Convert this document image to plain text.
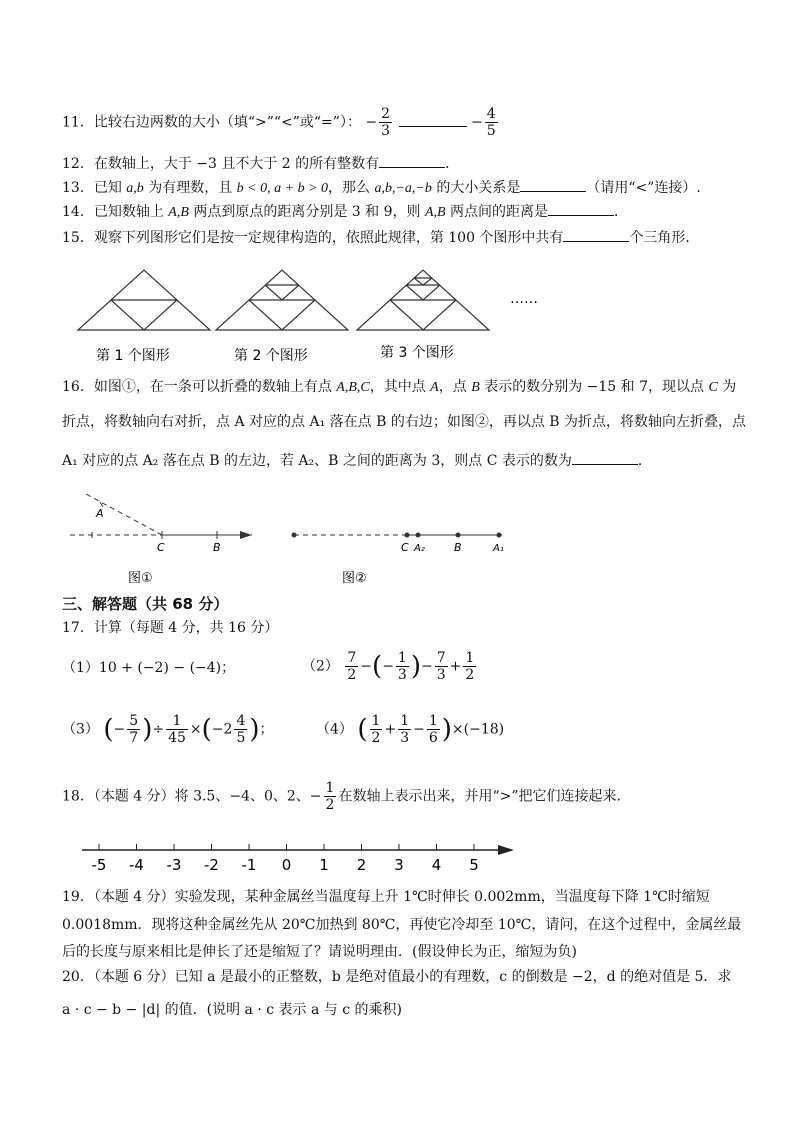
11．比较右边两数的大小（填“>”“<”或“=”）： − $\frac{2}{3}$	− $\frac{4}{5}$
12．在数轴上，大于 −3 且不大于 2 的所有整数有	．
13．已知 a,b 为有理数，且 b < 0, a + b > 0，那么 a,b,−a,−b 的大小关系是	（请用“<”连接）.
14．已知数轴上 A,B 两点到原点的距离分别是 3 和 9，则 A,B 两点间的距离是	．
15．观察下列图形它们是按一定规律构造的，依照此规律，第 100 个图形中共有	个三角形．
……
第 1 个图形	第 2 个图形	第 3 个图形
16．如图①，在一条可以折叠的数轴上有点 A,B,C，其中点 A，点 B 表示的数分别为 −15 和 7，现以点 C 为
折点，将数轴向右对折，点 A 对应的点 A₁ 落在点 B 的右边；如图②，再以点 B 为折点，将数轴向左折叠，点
A₁ 对应的点 A₂ 落在点 B 的左边，若 A₂、B 之间的距离为 3，则点 C 表示的数为	．
A
C	B
图①
C A₂	B	A₁
图②
三、解答题（共 68 分）
17．计算（每题 4 分，共 16 分）
（1）10 + (−2) − (−4)；	$(2) \frac{7}{2}$ −(− $\frac{1}{3}$ )− $\frac{7}{3} + \frac{1}{2}$
（3） (− $\frac{5}{7}$ )÷ $\frac{1}{45} \times(-2 \frac{4}{5}$ )；	（4） ( $\frac{1}{2} + \frac{1}{3} - \frac{1}{6} )\times(-18)$
18．（本题 4 分）将 3.5、−4、0、2、− $\frac{1}{2}$ 在数轴上表示出来，并用“>”把它们连接起来．
-5 -4 -3 -2 -1 0 1 2 3 4 5
19．（本题 4 分）实验发现，某种金属丝当温度每上升 1℃时伸长 0.002mm，当温度每下降 1℃时缩短
0.0018mm．现将这种金属丝先从 20℃加热到 80℃，再使它冷却至 10℃，请问，在这个过程中，金属丝最
后的长度与原来相比是伸长了还是缩短了？请说明理由．(假设伸长为正，缩短为负)
20．（本题 6 分）已知 a 是最小的正整数，b 是绝对值最小的有理数，c 的倒数是 −2，d 的绝对值是 5．求
a · c − b − |d| 的值．(说明 a · c 表示 a 与 c 的乘积)
